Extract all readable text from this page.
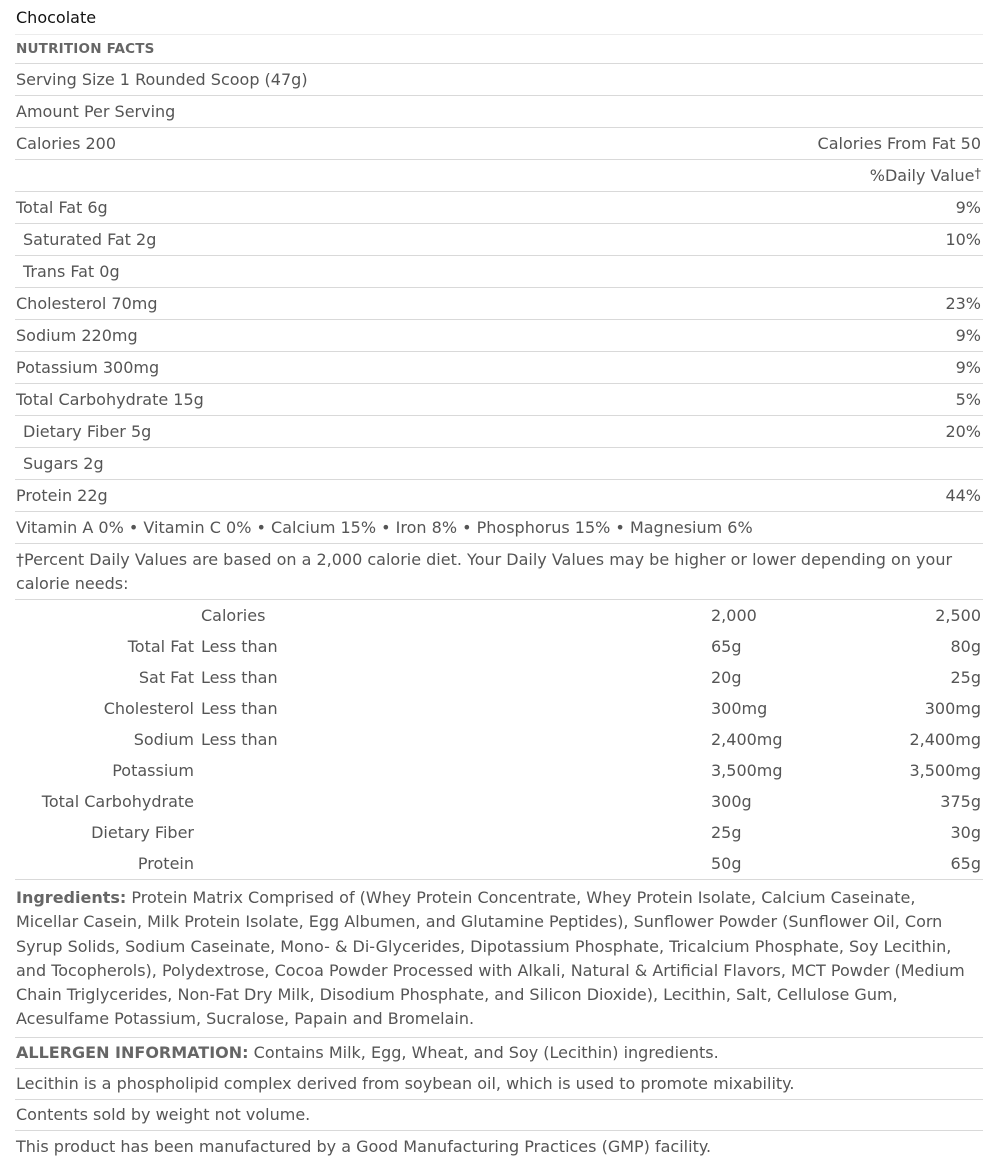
Chocolate
NUTRITION FACTS
Serving Size 1 Rounded Scoop (47g)
Amount Per Serving
Calories 200	Calories From Fat 50
%Daily Value†
Total Fat 6g	9%
Saturated Fat 2g	10%
Trans Fat 0g
Cholesterol 70mg	23%
Sodium 220mg	9%
Potassium 300mg	9%
Total Carbohydrate 15g	5%
Dietary Fiber 5g	20%
Sugars 2g
Protein 22g	44%
Vitamin A 0% • Vitamin C 0% • Calcium 15% • Iron 8% • Phosphorus 15% • Magnesium 6%
†Percent Daily Values are based on a 2,000 calorie diet. Your Daily Values may be higher or lower depending on your calorie needs:
	Calories	2,000	2,500
Total Fat	Less than	65g	80g
Sat Fat	Less than	20g	25g
Cholesterol	Less than	300mg	300mg
Sodium	Less than	2,400mg	2,400mg
Potassium		3,500mg	3,500mg
Total Carbohydrate		300g	375g
Dietary Fiber		25g	30g
Protein		50g	65g
Ingredients: Protein Matrix Comprised of (Whey Protein Concentrate, Whey Protein Isolate, Calcium Caseinate, Micellar Casein, Milk Protein Isolate, Egg Albumen, and Glutamine Peptides), Sunflower Powder (Sunflower Oil, Corn Syrup Solids, Sodium Caseinate, Mono- & Di-Glycerides, Dipotassium Phosphate, Tricalcium Phosphate, Soy Lecithin, and Tocopherols), Polydextrose, Cocoa Powder Processed with Alkali, Natural & Artificial Flavors, MCT Powder (Medium Chain Triglycerides, Non-Fat Dry Milk, Disodium Phosphate, and Silicon Dioxide), Lecithin, Salt, Cellulose Gum, Acesulfame Potassium, Sucralose, Papain and Bromelain.
ALLERGEN INFORMATION: Contains Milk, Egg, Wheat, and Soy (Lecithin) ingredients.
Lecithin is a phospholipid complex derived from soybean oil, which is used to promote mixability.
Contents sold by weight not volume.
This product has been manufactured by a Good Manufacturing Practices (GMP) facility.
